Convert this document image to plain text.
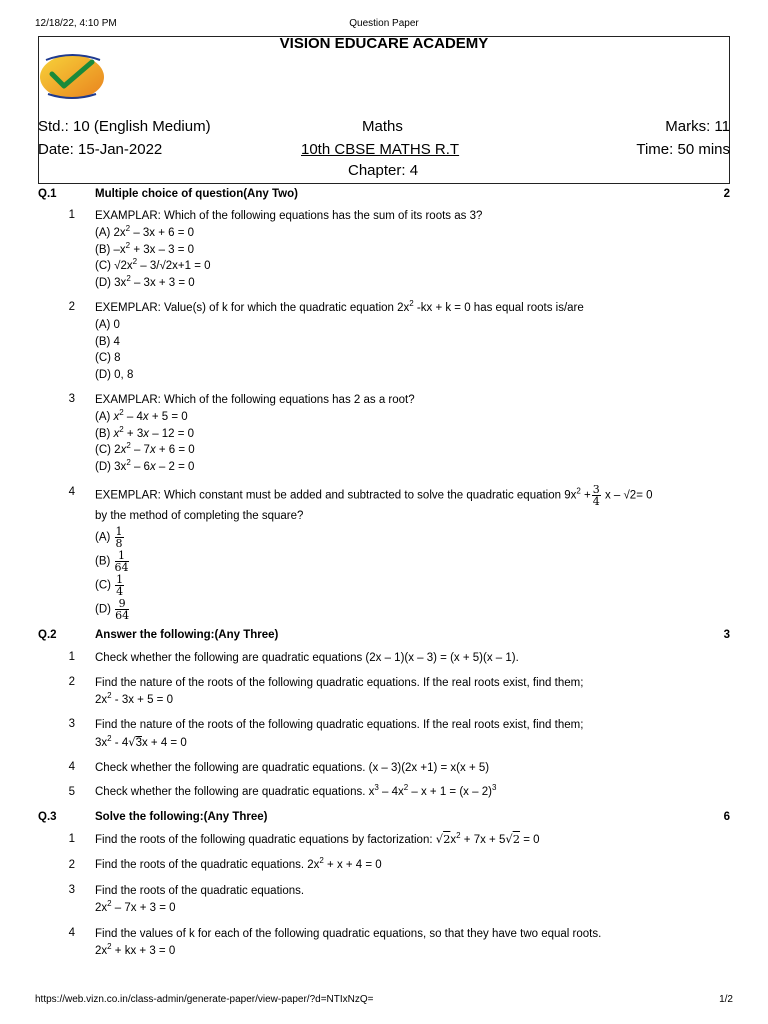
12/18/22, 4:10 PM	Question Paper
VISION EDUCARE ACADEMY
Std.: 10 (English Medium)	Maths	Marks: 11
Date: 15-Jan-2022	10th CBSE MATHS R.T	Time: 50 mins
Chapter: 4
Q.1	Multiple choice of question(Any Two)	2
1 EXAMPLAR: Which of the following equations has the sum of its roots as 3?
(A) $2x^2 - 3x + 6 = 0$
(B) $-x^2 + 3x - 3 = 0$
(C) $√2x^2 - 3/√2x+1 = 0$
(D) $3x^2 - 3x + 3 = 0$
2 EXEMPLAR: Value(s) of k for which the quadratic equation $2x^2$ -kx + k = 0 has equal roots is/are
(A) 0
(B) 4
(C) 8
(D) 0, 8
3 EXAMPLAR: Which of the following equations has 2 as a root?
(A) $x^2 - 4x + 5 = 0$
(B) $x^2 + 3x - 12 = 0$
(C) $2x^2 - 7x + 6 = 0$
(D) $3x^2 - 6x - 2 = 0$
4 EXEMPLAR: Which constant must be added and subtracted to solve the quadratic equation $9x^2 + \frac{3}{4}$ x – √2= 0
by the method of completing the square?
$(A) \frac{1}{8}$
$(B) \frac{1}{64}$
$(C) \frac{1}{4}$
$(D) \frac{9}{64}$
Q.2	Answer the following:(Any Three)	3
1 Check whether the following are quadratic equations (2x – 1)(x – 3) = (x + 5)(x – 1).
2 Find the nature of the roots of the following quadratic equations. If the real roots exist, find them;
$2x^2 - 3x + 5 = 0$
3 Find the nature of the roots of the following quadratic equations. If the real roots exist, find them;
$3x^2 - 4√3x + 4 = 0$
4 Check whether the following are quadratic equations. (x – 3)(2x +1) = x(x + 5)
5 Check whether the following are quadratic equations. $x^3 - 4x^2 - x + 1 = (x - 2)^3$
Q.3	Solve the following:(Any Three)	6
1 Find the roots of the following quadratic equations by factorization: $√2x^2 + 7x + 5√2 = 0$
2 Find the roots of the quadratic equations. $2x^2 + x + 4 = 0$
3 Find the roots of the quadratic equations.
$2x^2 - 7x + 3 = 0$
4 Find the values of k for each of the following quadratic equations, so that they have two equal roots.
$2x^2$ + kx + 3 = 0
https://web.vizn.co.in/class-admin/generate-paper/view-paper/?d=NTIxNzQ=	1/2
